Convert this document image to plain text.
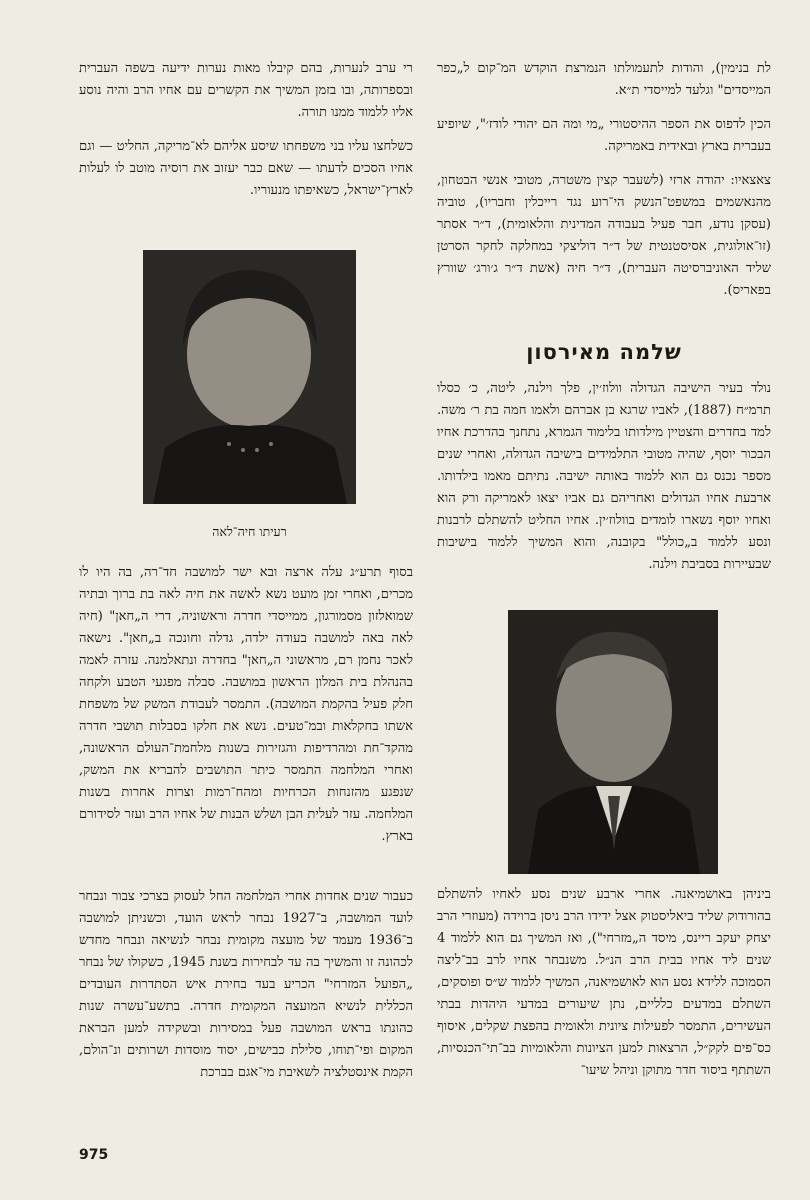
לת בנימין), והודות לתעמולתו הנמרצת הוקדש המ־קום ל„כפר המייסדים" וגלעד למייסדי ת״א.

הכין לדפוס את הספר ההיסטורי „מי ומה הם יהודי לודז׳", שיופיע בעברית בארץ ובאידית באמריקה.

צאצאיו: יהודה ארזי (לשעבר קצין משטרה, מטובי אנשי הבטחון, מהנאשמים במשפט־הנשק הי־רוע נגד רייכלין וחבריו), טוביה (עסקן נודע, חבר פעיל בעבודה המדינית והלאומית), ד״ר אסתר (זו־אולוגית, אסיסטנטית של ד״ר דוליצקי במחלקה לחקר הסרטן שליד האוניברסיטה העברית), ד״ר חיה (אשת ד״ר ג׳ורג׳ שוורץ בפאריס).

שלמה מאירסון

נולד בעיר הישיבה הגדולה וולוז׳ין, פלך וילנה, ליטה, כ׳ כסלו תרמ״ח (1887), לאביו שרגא בן אברהם ולאמו חמה בת ר׳ משה. למד בחדרים והצטיין מילדותו בלימוד הגמרא, נתחנך בהדרכת אחיו הבכור יוסף, שהיה מטובי התלמידים בישיבה הגדולה, ואחרי שנים מספר נכנס גם הוא ללמוד באותה ישיבה. נתיתם מאמו בילדותו. ארבעת אחיו הגדולים ואחריהם גם אביו יצאו לאמריקה ורק הוא ואחיו יוסף נשארו לומדים בוולוז׳ין. אחיו החליט להשתלם לרבנות ונסע ללמוד ב„כולל" בקובנה, והוא המשיך ללמוד בישיבות שבעיירות בסביבת וילנה.

ביניהן באושמיאנה. אחרי ארבע שנים נסע לאחיו להשתלם בהורודוק שליד ביאליסטוק אצל ידידו הרב ניסן ברוידה (מעוזרי הרב יצחק יעקב ריינס, מיסד ה„מזרחי"), ואז המשיך גם הוא ללמוד 4 שנים ליד אחיו בבית הרב הנ״ל. משנבחר אחיו לרב בב־ליצה הסמוכה ללידא נסע הוא לאושמיאנה, המשיך ללמוד ש״ס ופוסקים, השתלם במדעים כלליים, נתן שיעורים במדעי היהדות בבתי העשירים, התמסר לפעילות ציונית ולאומית בהפצת שקלים, איסוף כס־פים לקק״ל, הרצאות למען הציונות והלאומיות בב־תי־הכנסיות, השתתף ביסוד חדר מתוקן וניהל שיעו־

רי ערב לנערות, בהם קיבלו מאות נערות ידיעה בשפה העברית ובספרותה, ובו בזמן המשיך את הקשרים עם אחיו הרב והיה נוסע אליו ללמוד ממנו תורה.

כשלחצו עליו בני משפחתו שיסע אליהם לא־מריקה, החליט — וגם אחיו הסכים לדעתו — שאם כבר יעזוב את רוסיה מוטב לו לעלות לארץ־ישראל, כשאיפתו מנעוריו.

רעיתו חיה־לאה

בסוף תרע״ג עלה ארצה ובא ישר למושבה חד־רה, בה היו לו מכרים, ואחרי זמן מועט נשא לאשה את חיה לאה בת ברוך ובתיה שמואלזון מסמורגון, ממייסדי חדרה וראשוניה, דרי ה„חאן" (חיה לאה באה למושבה בעודה ילדה, גדלה וחונכה ב„חאן". נישאה לאכר נחמן רם, מראשוני ה„חאן" בחדרה ונתאלמנה. עזרה לאמה בהנהלת בית המלון הראשון במושבה. סבלה מפגעי הטבע ולקחה חלק פעיל בהקמת המושבה). התמסר לעבודת המשק של משפחת אשתו בחקלאות ובמ־טעים. נשא את חלקו בסבלות תושבי חדרה מהקד־חת ומהרדיפות והגזירות בשנות מלחמת־העולם הראשונה, ואחרי המלחמה התמסר כיתר התושבים להבריא את המשק, שנפגע מהזנחות הכרחיות ומהח־רמות וצרות אחרות בשנות המלחמה. עזר לעלית הבן ושלש הבנות של אחיו הרב ועזר לסידורם בארץ.

כעבור שנים אחדות אחרי המלחמה החל לעסוק בצרכי צבור ונבחר לועד המושבה, ב־1927 נבחר לראש הועד, וכשניתן למושבה ב־1936 מעמד של מועצה מקומית נבחר לנשיאה ונבחר מחדש לכהונה זו והמשיך בה עד לבחירות בשנת 1945, כשקולו של נבחר „הפועל המזרחי" הכריע בעד בחירת איש הסתדרות העובדים הכללית לנשיא המועצה המקומית חדרה. בתשע־עשרה שנות כהונתו בראש המושבה פעל במסירות ובשקידה למען הבראת המקום ופי־תוחו, סלילת כבישים, יסוד מוסדות ושרותים ונ־הולם, הקמת אינסטלציה לשאיבת מי־אגם בברכת

975
